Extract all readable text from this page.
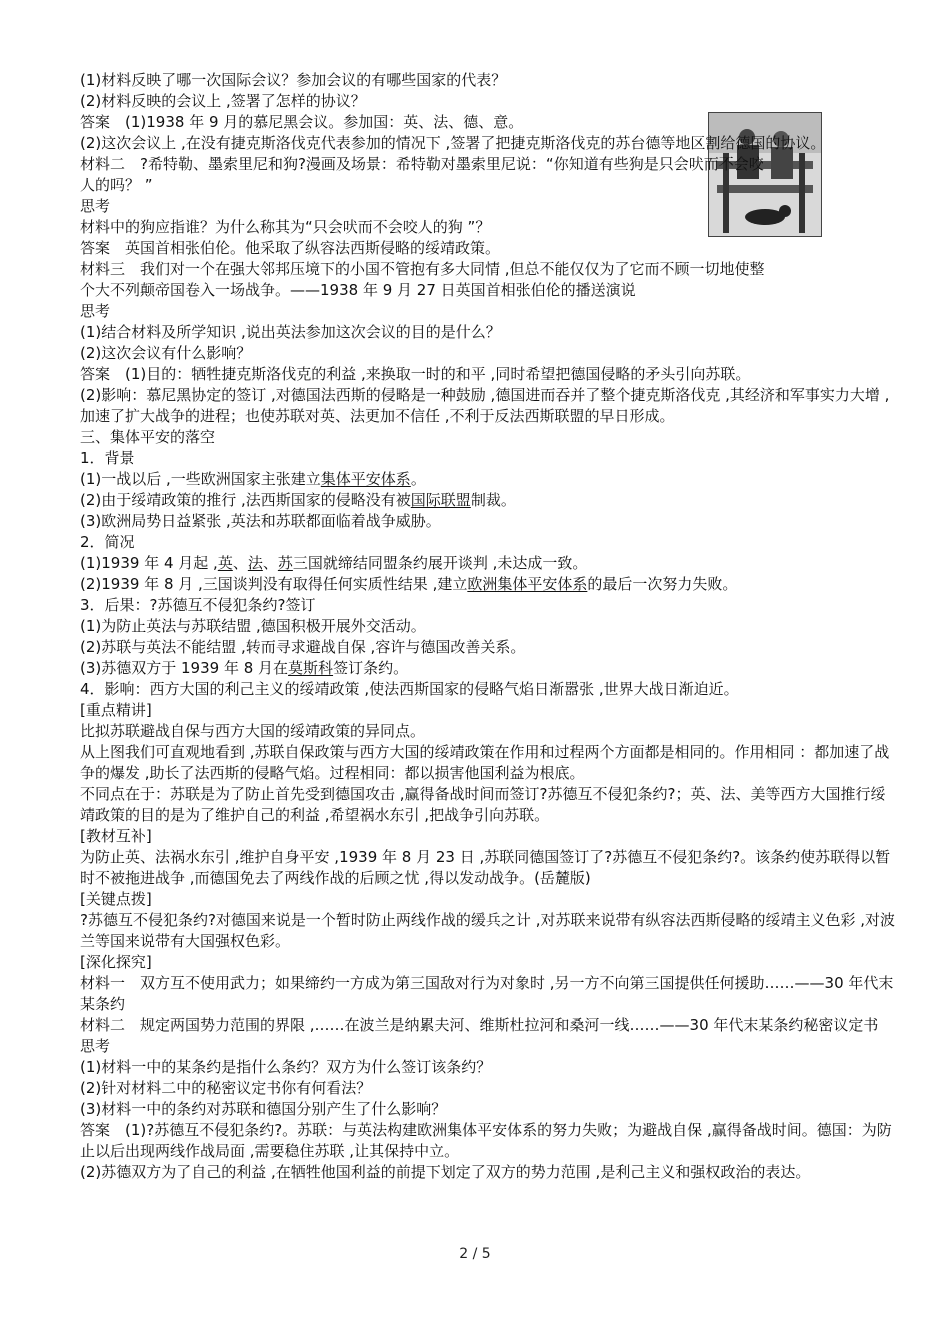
(1)材料反映了哪一次国际会议？参加会议的有哪些国家的代表？
(2)材料反映的会议上 ,签署了怎样的协议？
答案　(1)1938 年 9 月的慕尼黑会议。参加国：英、法、德、意。
(2)这次会议上 ,在没有捷克斯洛伐克代表参加的情况下 ,签署了把捷克斯洛伐克的苏台德等地区割给德国的协议。
材料二　?希特勒、墨索里尼和狗?漫画及场景：希特勒对墨索里尼说：“你知道有些狗是只会吠而不会咬人的吗？ ”
思考
材料中的狗应指谁？为什么称其为“只会吠而不会咬人的狗 ”？
答案　英国首相张伯伦。他采取了纵容法西斯侵略的绥靖政策。
材料三　我们对一个在强大邻邦压境下的小国不管抱有多大同情 ,但总不能仅仅为了它而不顾一切地使整个大不列颠帝国卷入一场战争。——1938 年 9 月 27 日英国首相张伯伦的播送演说
思考
(1)结合材料及所学知识 ,说出英法参加这次会议的目的是什么？
(2)这次会议有什么影响？
答案　(1)目的：牺牲捷克斯洛伐克的利益 ,来换取一时的和平 ,同时希望把德国侵略的矛头引向苏联。
(2)影响：慕尼黑协定的签订 ,对德国法西斯的侵略是一种鼓励 ,德国进而吞并了整个捷克斯洛伐克 ,其经济和军事实力大增 ,加速了扩大战争的进程；也使苏联对英、法更加不信任 ,不利于反法西斯联盟的早日形成。
三、集体平安的落空
1．背景
(1)一战以后 ,一些欧洲国家主张建立集体平安体系。
(2)由于绥靖政策的推行 ,法西斯国家的侵略没有被国际联盟制裁。
(3)欧洲局势日益紧张 ,英法和苏联都面临着战争威胁。
2．简况
(1)1939 年 4 月起 ,英、法、苏三国就缔结同盟条约展开谈判 ,未达成一致。
(2)1939 年 8 月 ,三国谈判没有取得任何实质性结果 ,建立欧洲集体平安体系的最后一次努力失败。
3．后果：?苏德互不侵犯条约?签订
(1)为防止英法与苏联结盟 ,德国积极开展外交活动。
(2)苏联与英法不能结盟 ,转而寻求避战自保 ,容许与德国改善关系。
(3)苏德双方于 1939 年 8 月在莫斯科签订条约。
4．影响：西方大国的利己主义的绥靖政策 ,使法西斯国家的侵略气焰日渐嚣张 ,世界大战日渐迫近。
[重点精讲]
比拟苏联避战自保与西方大国的绥靖政策的异同点。
从上图我们可直观地看到 ,苏联自保政策与西方大国的绥靖政策在作用和过程两个方面都是相同的。作用相同 ：都加速了战争的爆发 ,助长了法西斯的侵略气焰。过程相同：都以损害他国利益为根底。
不同点在于：苏联是为了防止首先受到德国攻击 ,赢得备战时间而签订?苏德互不侵犯条约?；英、法、美等西方大国推行绥靖政策的目的是为了维护自己的利益 ,希望祸水东引 ,把战争引向苏联。
[教材互补]
为防止英、法祸水东引 ,维护自身平安 ,1939 年 8 月 23 日 ,苏联同德国签订了?苏德互不侵犯条约?。该条约使苏联得以暂时不被拖进战争 ,而德国免去了两线作战的后顾之忧 ,得以发动战争。(岳麓版)
[关键点拨]
?苏德互不侵犯条约?对德国来说是一个暂时防止两线作战的缓兵之计 ,对苏联来说带有纵容法西斯侵略的绥靖主义色彩 ,对波兰等国来说带有大国强权色彩。
[深化探究]
材料一　双方互不使用武力；如果缔约一方成为第三国敌对行为对象时 ,另一方不向第三国提供任何援助……——30 年代末某条约
材料二　规定两国势力范围的界限 ,……在波兰是纳累夫河、维斯杜拉河和桑河一线……——30 年代末某条约秘密议定书
思考
(1)材料一中的某条约是指什么条约？双方为什么签订该条约？
(2)针对材料二中的秘密议定书你有何看法？
(3)材料一中的条约对苏联和德国分别产生了什么影响？
答案　(1)?苏德互不侵犯条约?。苏联：与英法构建欧洲集体平安体系的努力失败；为避战自保 ,赢得备战时间。德国：为防止以后出现两线作战局面 ,需要稳住苏联 ,让其保持中立。
(2)苏德双方为了自己的利益 ,在牺牲他国利益的前提下划定了双方的势力范围 ,是利己主义和强权政治的表达。
2 / 5
